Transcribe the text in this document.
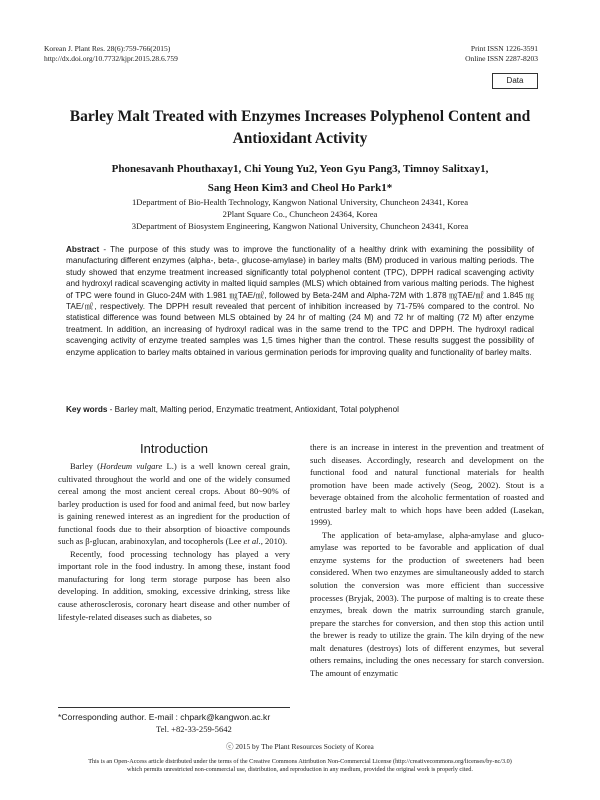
Korean J. Plant Res. 28(6):759-766(2015)
http://dx.doi.org/10.7732/kjpr.2015.28.6.759
Print ISSN 1226-3591
Online ISSN 2287-8203
Data
Barley Malt Treated with Enzymes Increases Polyphenol Content and
Antioxidant Activity
Phonesavanh Phouthaxay1, Chi Young Yu2, Yeon Gyu Pang3, Timnoy Salitxay1,
Sang Heon Kim3 and Cheol Ho Park1*
1Department of Bio-Health Technology, Kangwon National University, Chuncheon 24341, Korea
2Plant Square Co., Chuncheon 24364, Korea
3Department of Biosystem Engineering, Kangwon National University, Chuncheon 24341, Korea
Abstract - The purpose of this study was to improve the functionality of a healthy drink with examining the possibility of manufacturing different enzymes (alpha-, beta-, glucose-amylase) in barley malts (BM) produced in various malting periods. The study showed that enzyme treatment increased significantly total polyphenol content (TPC), DPPH radical scavenging activity and hydroxyl radical scavenging activity in malted liquid samples (MLS) which obtained from various malting periods. The highest of TPC were found in Gluco-24M with 1.981 ㎎TAE/㎖, followed by Beta-24M and Alpha-72M with 1.878 ㎎TAE/㎖ and 1.845 ㎎TAE/㎖, respectively. The DPPH result revealed that percent of inhibition increased by 71-75% compared to the control. No statistical difference was found between MLS obtained by 24 hr of malting (24 M) and 72 hr of malting (72 M) after enzyme treatment. In addition, an increasing of hydroxyl radical was in the same trend to the TPC and DPPH. The hydroxyl radical scavenging activity of enzyme treated samples was 1,5 times higher than the control. These results suggest the possibility of enzyme application to barley malts obtained in various germination periods for improving quality and functionality of barley malts.
Key words - Barley malt, Malting period, Enzymatic treatment, Antioxidant, Total polyphenol
Introduction

Barley (Hordeum vulgare L.) is a well known cereal grain, cultivated throughout the world and one of the widely consumed cereal among the most ancient cereal crops. About 80~90% of barley production is used for food and animal feed, but now barley is gaining renewed interest as an ingredient for the production of functional foods due to their absorption of bioactive compounds such as β-glucan, arabinoxylan, and tocopherols (Lee et al., 2010).

Recently, food processing technology has played a very important role in the food industry. In among these, instant food manufacturing for long term storage purpose has been also developing. In addition, smoking, excessive drinking, stress like cause atherosclerosis, coronary heart disease and other number of lifestyle-related diseases such as diabetes, so

there is an increase in interest in the prevention and treatment of such diseases. Accordingly, research and development on the functional food and natural functional materials for health promotion have been made actively (Seog, 2002). Stout is a beverage obtained from the alcoholic fermentation of roasted and entrusted barley malt to which hops have been added (Lasekan, 1999).

The application of beta-amylase, alpha-amylase and gluco-amylase was reported to be favorable and application of dual enzyme systems for the production of sweeteners had been considered. When two enzymes are simultaneously added to starch solution the conversion was more efficient than successive processes (Bryjak, 2003). The purpose of malting is to create these enzymes, break down the matrix surrounding starch granule, prepare the starches for conversion, and then stop this action until the brewer is ready to utilize the grain. The kiln drying of the new malt denatures (destroys) lots of different enzymes, but several others remains, including the ones necessary for starch conversion. The amount of enzymatic

*Corresponding author. E-mail : chpark@kangwon.ac.kr
Tel. +82-33-259-5642
ⓒ 2015 by The Plant Resources Society of Korea
This is an Open-Access article distributed under the terms of the Creative Commons Attribution Non-Commercial License (http://creativecommons.org/licenses/by-nc/3.0)
which permits unrestricted non-commercial use, distribution, and reproduction in any medium, provided the original work is properly cited.
